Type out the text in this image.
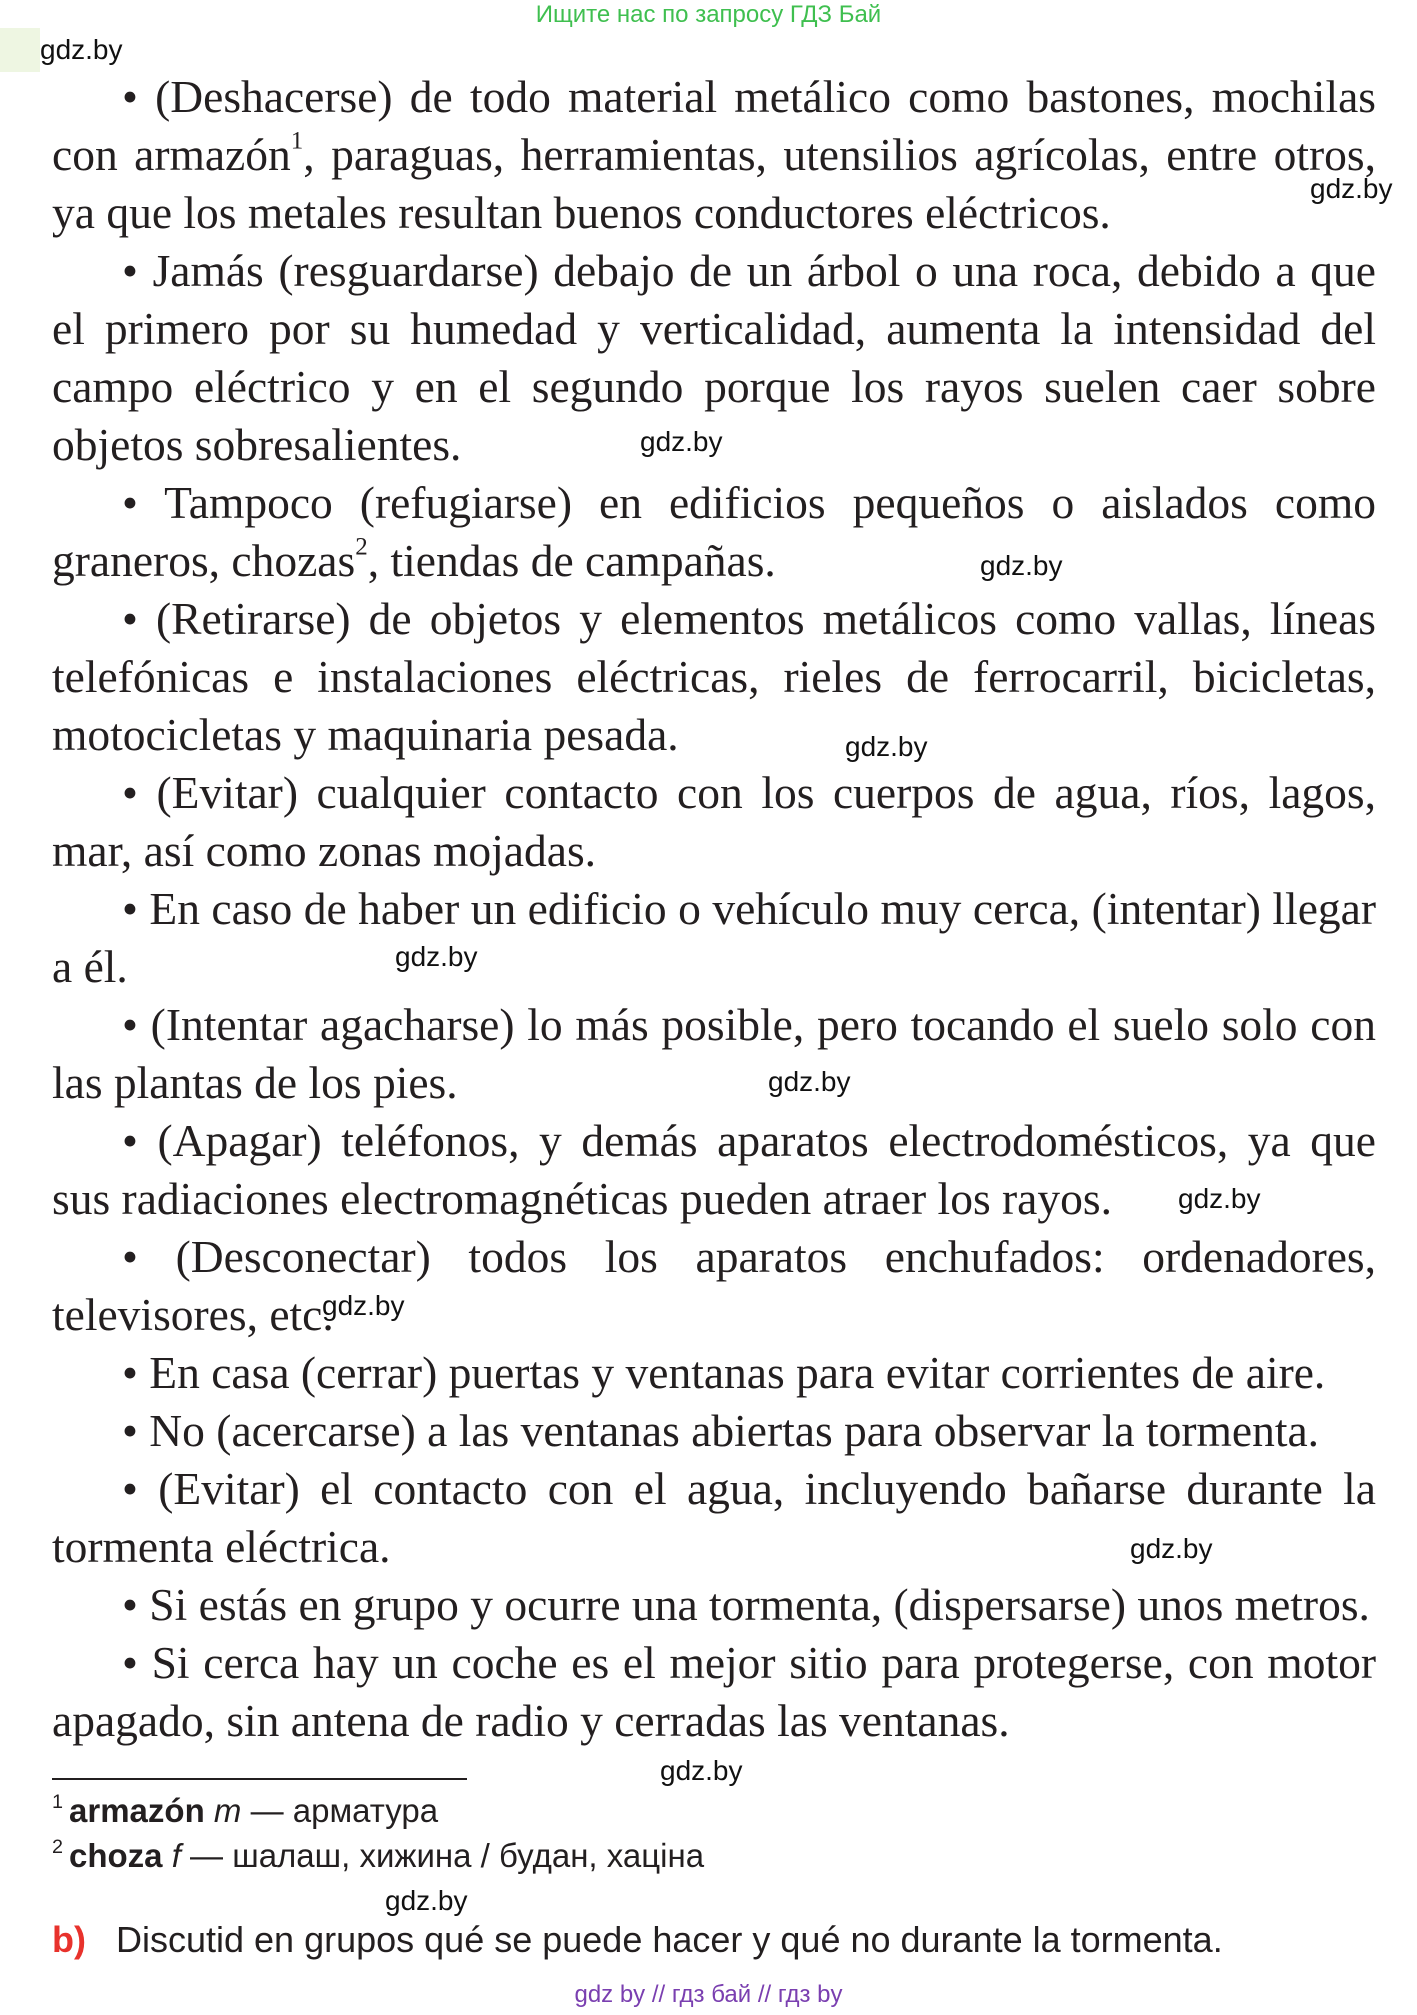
Ищите нас по запросу ГДЗ Бай
gdz.by
gdz.by
gdz.by
gdz.by
gdz.by
gdz.by
gdz.by
gdz.by
gdz.by
gdz.by
gdz.by
gdz.by

• (Deshacerse) de todo material metálico como bastones, mochilas con armazón$^1$, paraguas, herramientas, utensilios agrícolas, entre otros, ya que los metales resultan buenos conductores eléctricos.

• Jamás (resguardarse) debajo de un árbol o una roca, debido a que el primero por su humedad y verticalidad, aumenta la intensidad del campo eléctrico y en el segundo porque los rayos suelen caer sobre objetos sobresalientes.

• Tampoco (refugiarse) en edificios pequeños o aislados como graneros, chozas$^2$, tiendas de campañas.

• (Retirarse) de objetos y elementos metálicos como vallas, líneas telefónicas e instalaciones eléctricas, rieles de ferrocarril, bicicletas, motocicletas y maquinaria pesada.

• (Evitar) cualquier contacto con los cuerpos de agua, ríos, lagos, mar, así como zonas mojadas.

• En caso de haber un edificio o vehículo muy cerca, (intentar) llegar a él.

• (Intentar agacharse) lo más posible, pero tocando el suelo solo con las plantas de los pies.

• (Apagar) teléfonos, y demás aparatos electrodomésticos, ya que sus radiaciones electromagnéticas pueden atraer los rayos.

• (Desconectar) todos los aparatos enchufados: ordenadores, televisores, etc.

• En casa (cerrar) puertas y ventanas para evitar corrientes de aire.

• No (acercarse) a las ventanas abiertas para observar la tormenta.

• (Evitar) el contacto con el agua, incluyendo bañarse durante la tormenta eléctrica.

• Si estás en grupo y ocurre una tormenta, (dispersarse) unos metros.

• Si cerca hay un coche es el mejor sitio para protegerse, con motor apagado, sin antena de radio y cerradas las ventanas.

$^1$ armazón m — арматура
$^2$ choza f — шалаш, хижина / будан, хаціна
b) Discutid en grupos qué se puede hacer y qué no durante la tormenta.
gdz by // гдз бай // гдз by
